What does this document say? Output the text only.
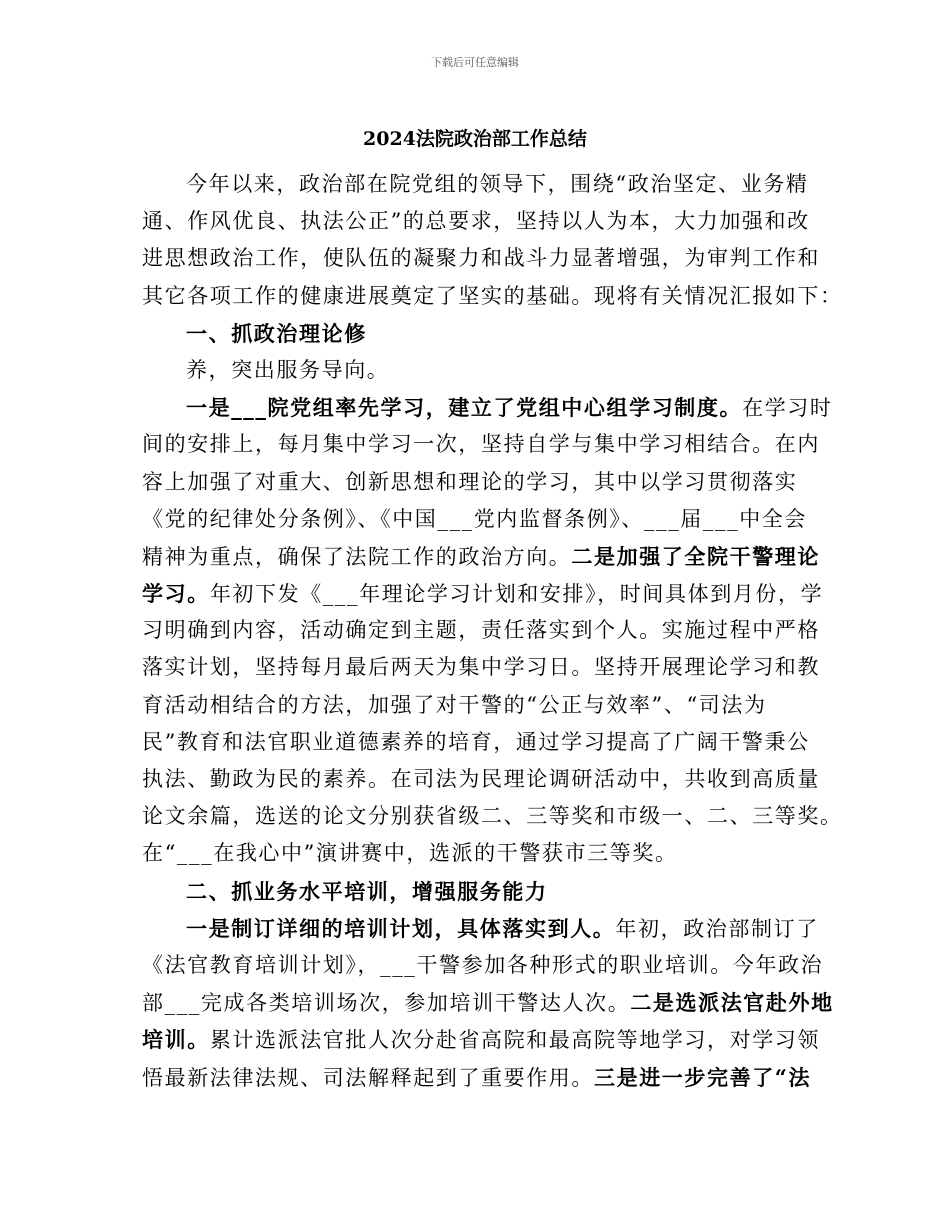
下载后可任意编辑
2024法院政治部工作总结
今年以来，政治部在院党组的领导下，围绕“政治坚定、业务精
通、作风优良、执法公正”的总要求，坚持以人为本，大力加强和改
进思想政治工作，使队伍的凝聚力和战斗力显著增强，为审判工作和
其它各项工作的健康进展奠定了坚实的基础。现将有关情况汇报如下：
一、抓政治理论修
养，突出服务导向。
一是___院党组率先学习，建立了党组中心组学习制度。在学习时
间的安排上，每月集中学习一次，坚持自学与集中学习相结合。在内
容上加强了对重大、创新思想和理论的学习，其中以学习贯彻落实
《党的纪律处分条例》、《中国___党内监督条例》、___届___中全会
精神为重点，确保了法院工作的政治方向。二是加强了全院干警理论
学习。年初下发《___年理论学习计划和安排》，时间具体到月份，学
习明确到内容，活动确定到主题，责任落实到个人。实施过程中严格
落实计划，坚持每月最后两天为集中学习日。坚持开展理论学习和教
育活动相结合的方法，加强了对干警的“公正与效率”、“司法为
民”教育和法官职业道德素养的培育，通过学习提高了广阔干警秉公
执法、勤政为民的素养。在司法为民理论调研活动中，共收到高质量
论文余篇，选送的论文分别获省级二、三等奖和市级一、二、三等奖。
在“___在我心中”演讲赛中，选派的干警获市三等奖。
二、抓业务水平培训，增强服务能力
一是制订详细的培训计划，具体落实到人。年初，政治部制订了
《法官教育培训计划》，___干警参加各种形式的职业培训。今年政治
部___完成各类培训场次，参加培训干警达人次。二是选派法官赴外地
培训。累计选派法官批人次分赴省高院和最高院等地学习，对学习领
悟最新法律法规、司法解释起到了重要作用。三是进一步完善了“法
